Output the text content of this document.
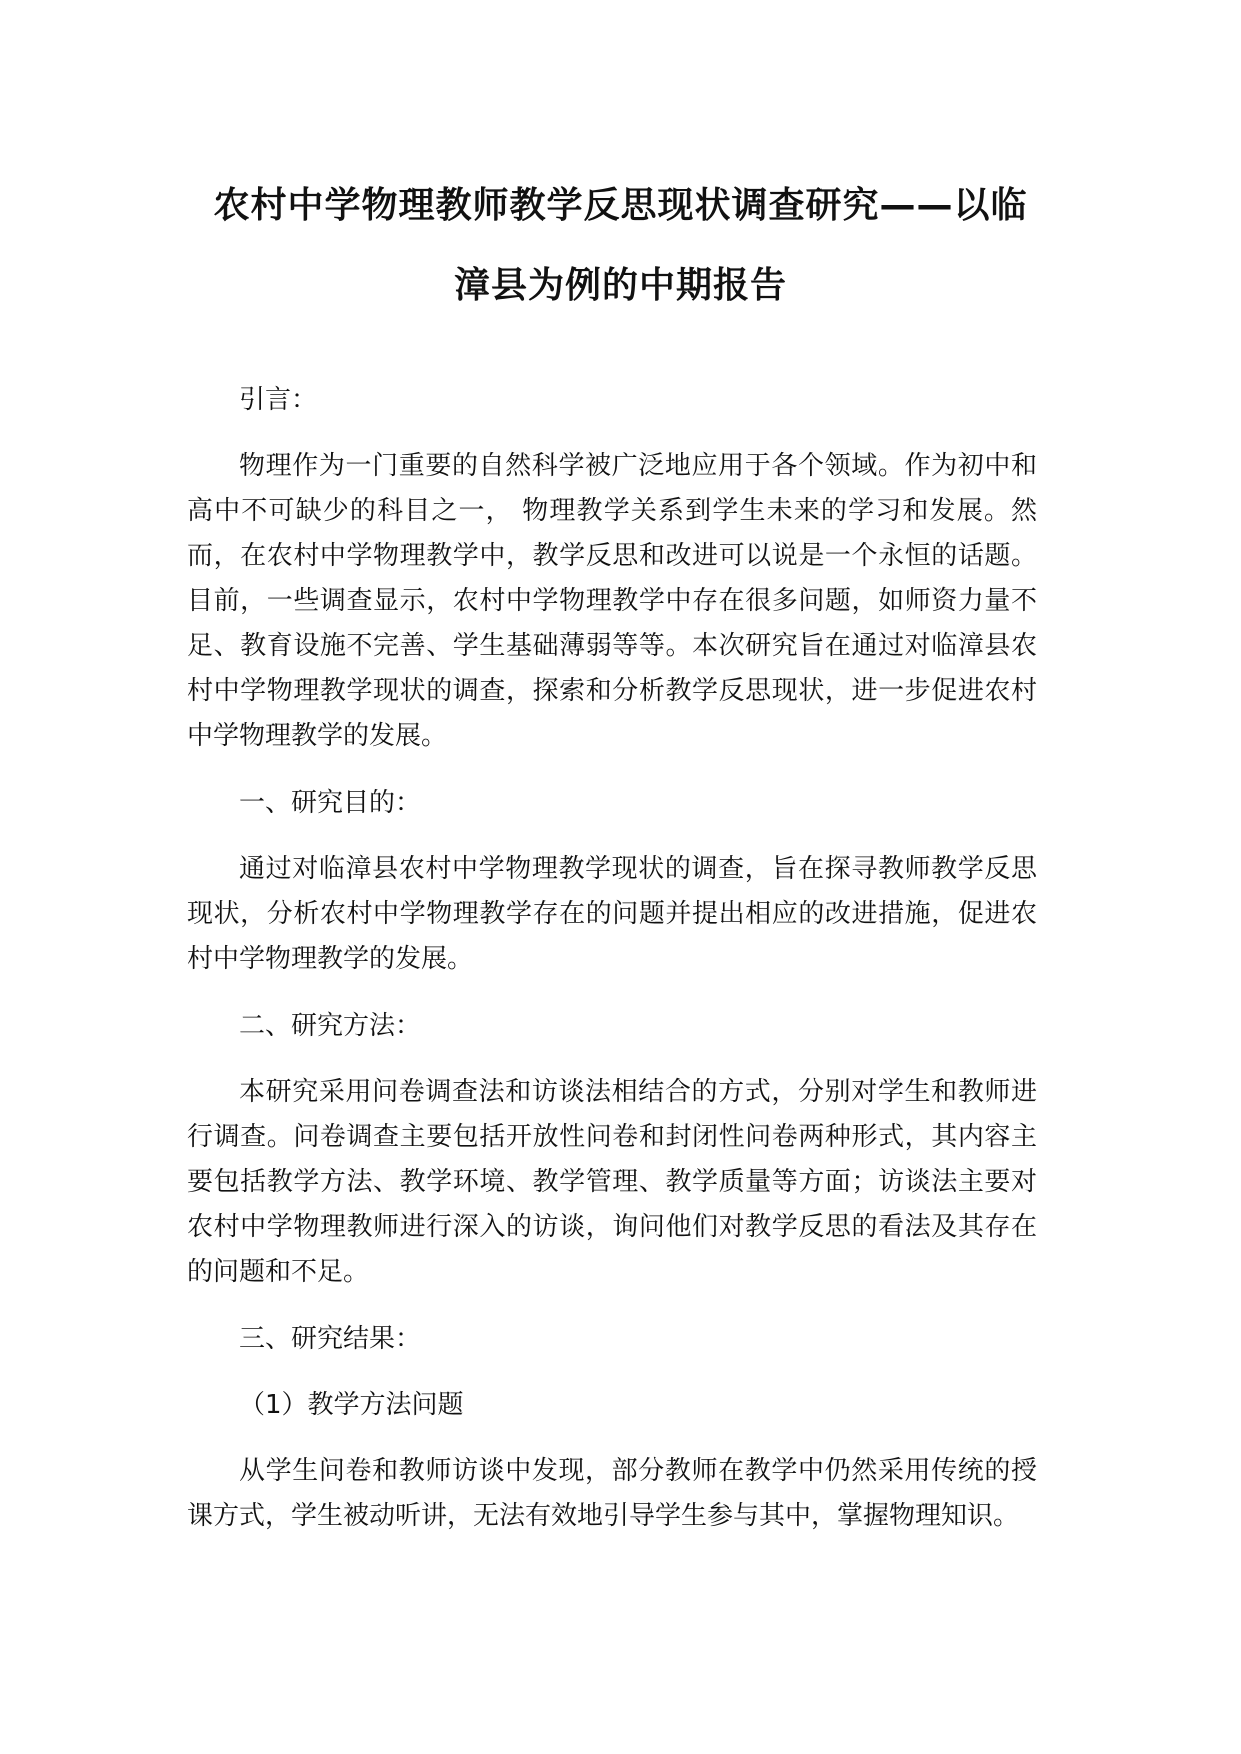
农村中学物理教师教学反思现状调查研究——以临
漳县为例的中期报告

引言：

物理作为一门重要的自然科学被广泛地应用于各个领域。作为初中和高中不可缺少的科目之一， 物理教学关系到学生未来的学习和发展。然而，在农村中学物理教学中，教学反思和改进可以说是一个永恒的话题。目前，一些调查显示，农村中学物理教学中存在很多问题，如师资力量不足、教育设施不完善、学生基础薄弱等等。本次研究旨在通过对临漳县农村中学物理教学现状的调查，探索和分析教学反思现状，进一步促进农村中学物理教学的发展。

一、研究目的：

通过对临漳县农村中学物理教学现状的调查，旨在探寻教师教学反思现状，分析农村中学物理教学存在的问题并提出相应的改进措施，促进农村中学物理教学的发展。

二、研究方法：

本研究采用问卷调查法和访谈法相结合的方式，分别对学生和教师进行调查。问卷调查主要包括开放性问卷和封闭性问卷两种形式，其内容主要包括教学方法、教学环境、教学管理、教学质量等方面；访谈法主要对农村中学物理教师进行深入的访谈，询问他们对教学反思的看法及其存在的问题和不足。

三、研究结果：

（1）教学方法问题

从学生问卷和教师访谈中发现，部分教师在教学中仍然采用传统的授课方式，学生被动听讲，无法有效地引导学生参与其中，掌握物理知识。
